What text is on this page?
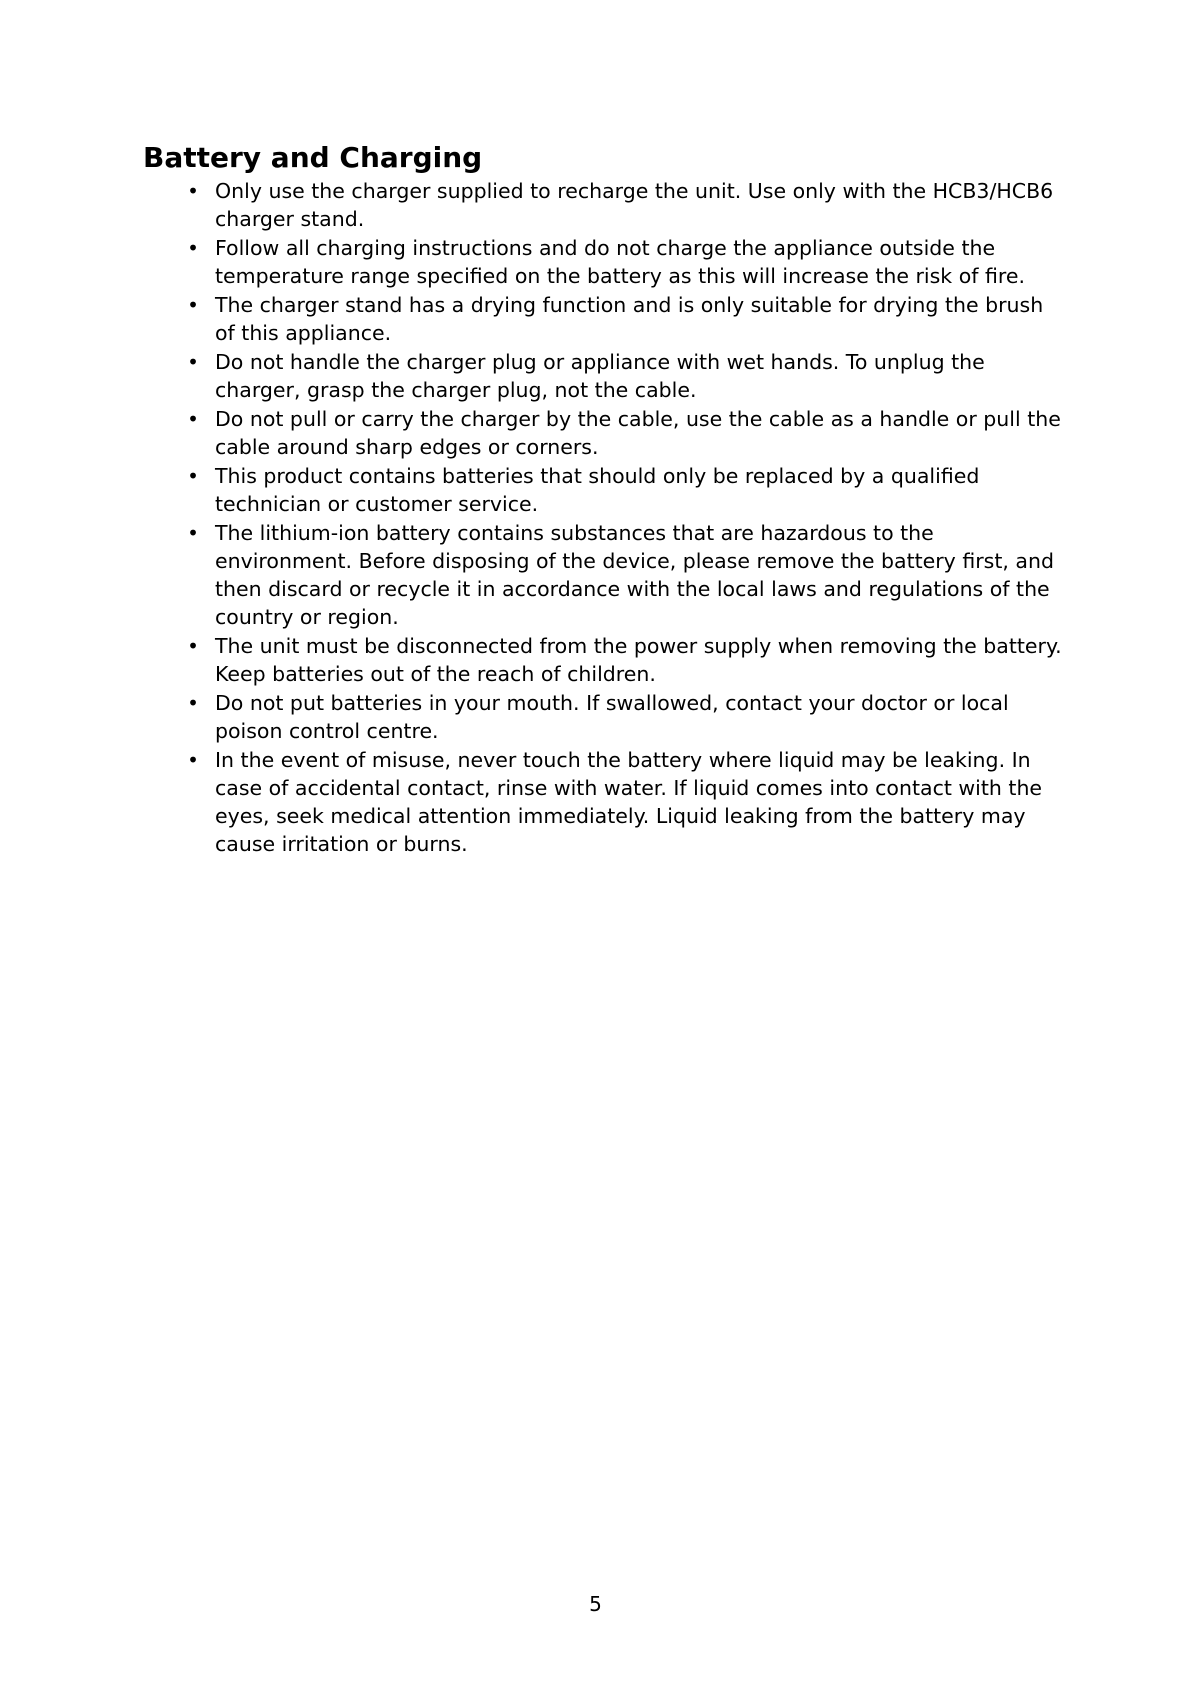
Battery and Charging
• Only use the charger supplied to recharge the unit. Use only with the HCB3/HCB6 charger stand.
• Follow all charging instructions and do not charge the appliance outside the temperature range specified on the battery as this will increase the risk of fire.
• The charger stand has a drying function and is only suitable for drying the brush of this appliance.
• Do not handle the charger plug or appliance with wet hands. To unplug the charger, grasp the charger plug, not the cable.
• Do not pull or carry the charger by the cable, use the cable as a handle or pull the cable around sharp edges or corners.
• This product contains batteries that should only be replaced by a qualified technician or customer service.
• The lithium-ion battery contains substances that are hazardous to the environment. Before disposing of the device, please remove the battery first, and then discard or recycle it in accordance with the local laws and regulations of the country or region.
• The unit must be disconnected from the power supply when removing the battery. Keep batteries out of the reach of children.
• Do not put batteries in your mouth. If swallowed, contact your doctor or local poison control centre.
• In the event of misuse, never touch the battery where liquid may be leaking. In case of accidental contact, rinse with water. If liquid comes into contact with the eyes, seek medical attention immediately. Liquid leaking from the battery may cause irritation or burns.
5
